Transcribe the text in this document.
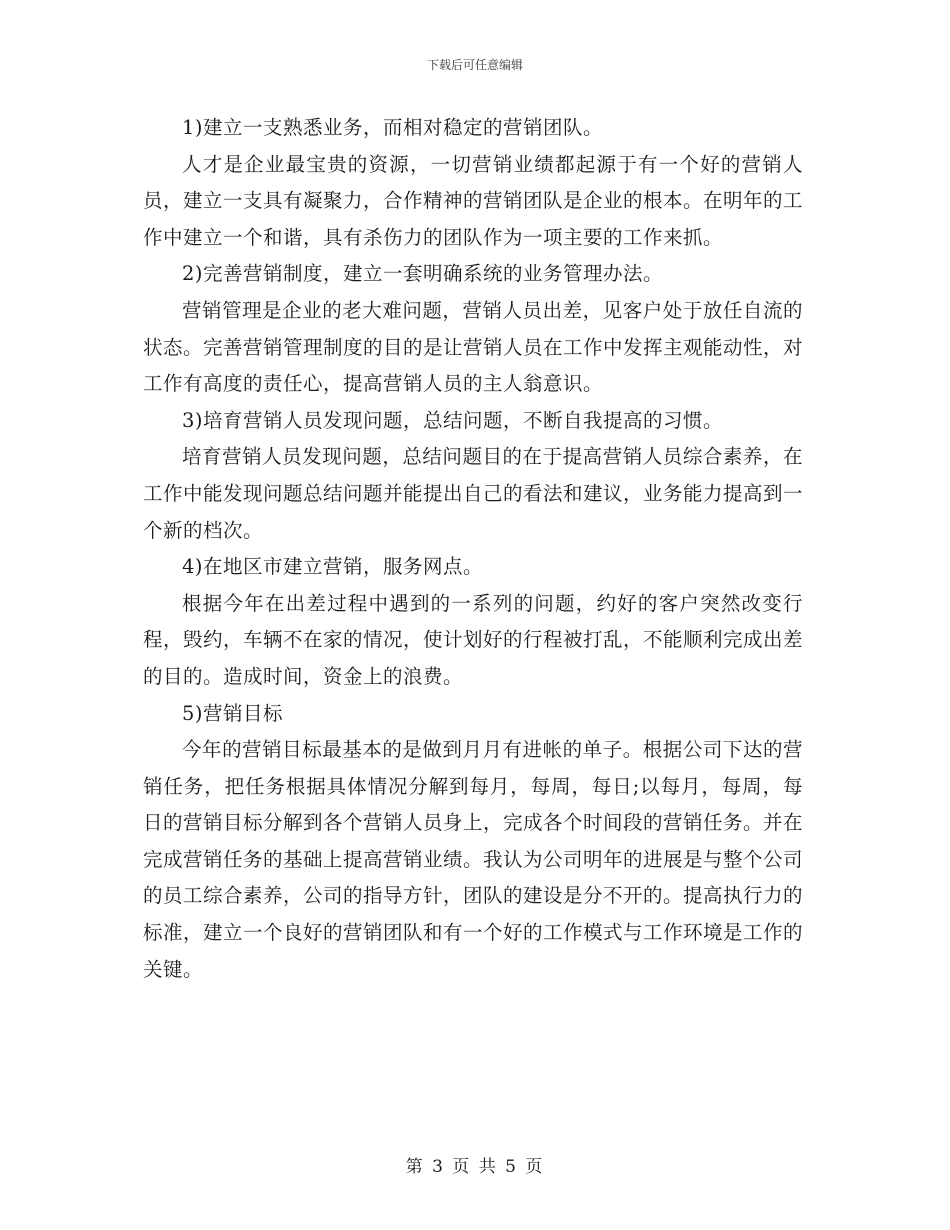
下载后可任意编辑

1)建立一支熟悉业务，而相对稳定的营销团队。

人才是企业最宝贵的资源，一切营销业绩都起源于有一个好的营销人员，建立一支具有凝聚力，合作精神的营销团队是企业的根本。在明年的工作中建立一个和谐，具有杀伤力的团队作为一项主要的工作来抓。

2)完善营销制度，建立一套明确系统的业务管理办法。

营销管理是企业的老大难问题，营销人员出差，见客户处于放任自流的状态。完善营销管理制度的目的是让营销人员在工作中发挥主观能动性，对工作有高度的责任心，提高营销人员的主人翁意识。

3)培育营销人员发现问题，总结问题，不断自我提高的习惯。

培育营销人员发现问题，总结问题目的在于提高营销人员综合素养，在工作中能发现问题总结问题并能提出自己的看法和建议，业务能力提高到一个新的档次。

4)在地区市建立营销，服务网点。

根据今年在出差过程中遇到的一系列的问题，约好的客户突然改变行程，毁约，车辆不在家的情况，使计划好的行程被打乱，不能顺利完成出差的目的。造成时间，资金上的浪费。

5)营销目标

今年的营销目标最基本的是做到月月有进帐的单子。根据公司下达的营销任务，把任务根据具体情况分解到每月，每周，每日;以每月，每周，每日的营销目标分解到各个营销人员身上，完成各个时间段的营销任务。并在完成营销任务的基础上提高营销业绩。我认为公司明年的进展是与整个公司的员工综合素养，公司的指导方针，团队的建设是分不开的。提高执行力的标准，建立一个良好的营销团队和有一个好的工作模式与工作环境是工作的关键。

第 3 页 共 5 页
